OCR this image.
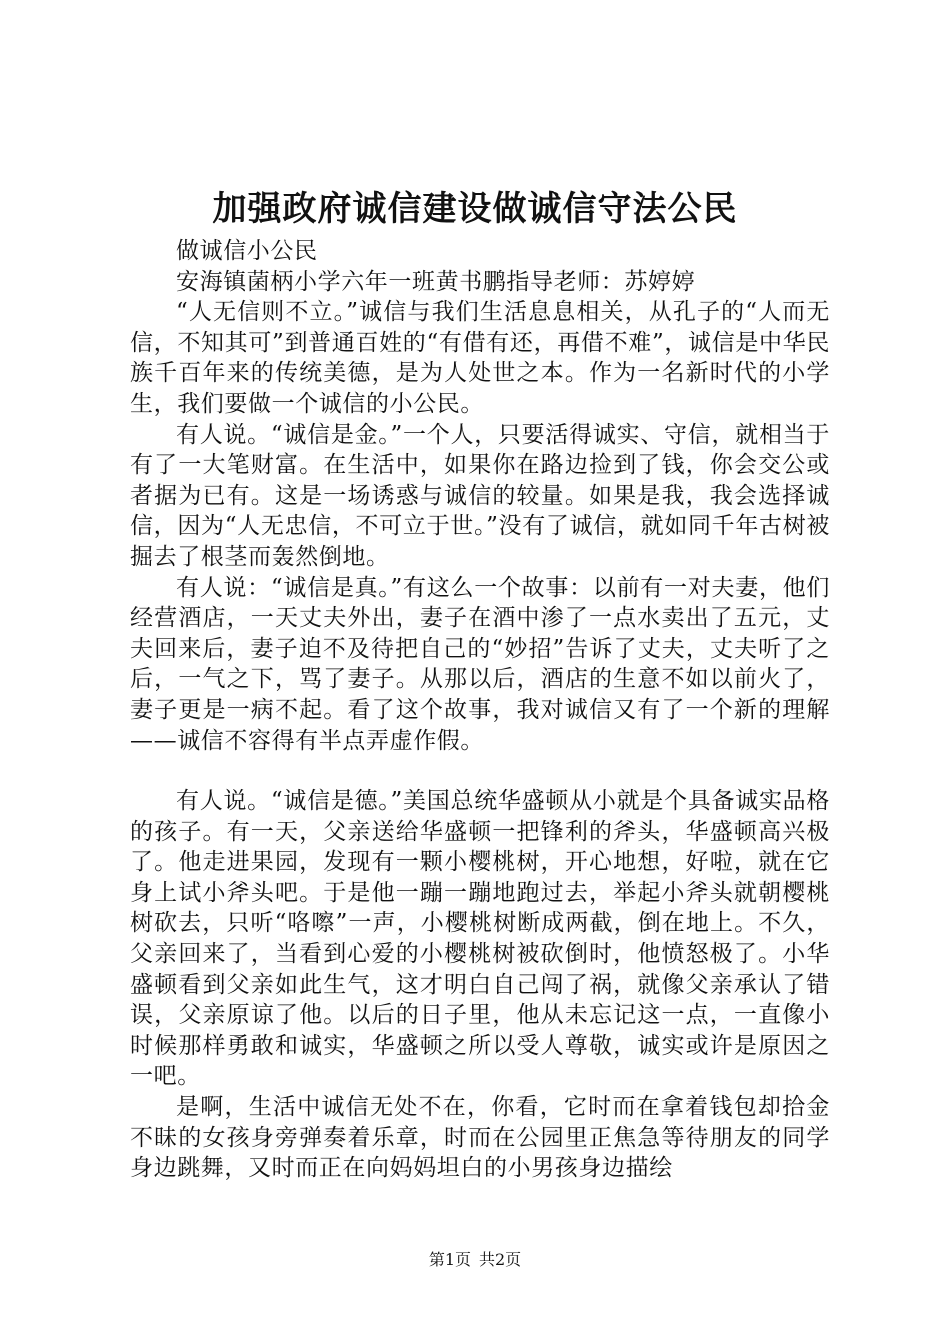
加强政府诚信建设做诚信守法公民

做诚信小公民

安海镇菌柄小学六年一班黄书鹏指导老师：苏婷婷

“人无信则不立。”诚信与我们生活息息相关，从孔子的“人而无信，不知其可”到普通百姓的“有借有还，再借不难”，诚信是中华民族千百年来的传统美德，是为人处世之本。作为一名新时代的小学生，我们要做一个诚信的小公民。

有人说。“诚信是金。”一个人，只要活得诚实、守信，就相当于有了一大笔财富。在生活中，如果你在路边捡到了钱，你会交公或者据为已有。这是一场诱惑与诚信的较量。如果是我，我会选择诚信，因为“人无忠信，不可立于世。”没有了诚信，就如同千年古树被掘去了根茎而轰然倒地。

有人说：“诚信是真。”有这么一个故事：以前有一对夫妻，他们经营酒店，一天丈夫外出，妻子在酒中渗了一点水卖出了五元，丈夫回来后，妻子迫不及待把自己的“妙招”告诉了丈夫，丈夫听了之后，一气之下，骂了妻子。从那以后，酒店的生意不如以前火了，妻子更是一病不起。看了这个故事，我对诚信又有了一个新的理解——诚信不容得有半点弄虚作假。

有人说。“诚信是德。”美国总统华盛顿从小就是个具备诚实品格的孩子。有一天，父亲送给华盛顿一把锋利的斧头，华盛顿高兴极了。他走进果园，发现有一颗小樱桃树，开心地想，好啦，就在它身上试小斧头吧。于是他一蹦一蹦地跑过去，举起小斧头就朝樱桃树砍去，只听“咯嚓”一声，小樱桃树断成两截，倒在地上。不久，父亲回来了，当看到心爱的小樱桃树被砍倒时，他愤怒极了。小华盛顿看到父亲如此生气，这才明白自己闯了祸，就像父亲承认了错误，父亲原谅了他。以后的日子里，他从未忘记这一点，一直像小时候那样勇敢和诚实，华盛顿之所以受人尊敬，诚实或许是原因之一吧。

是啊，生活中诚信无处不在，你看，它时而在拿着钱包却拾金不昧的女孩身旁弹奏着乐章，时而在公园里正焦急等待朋友的同学身边跳舞，又时而正在向妈妈坦白的小男孩身边描绘

第1页 共2页
